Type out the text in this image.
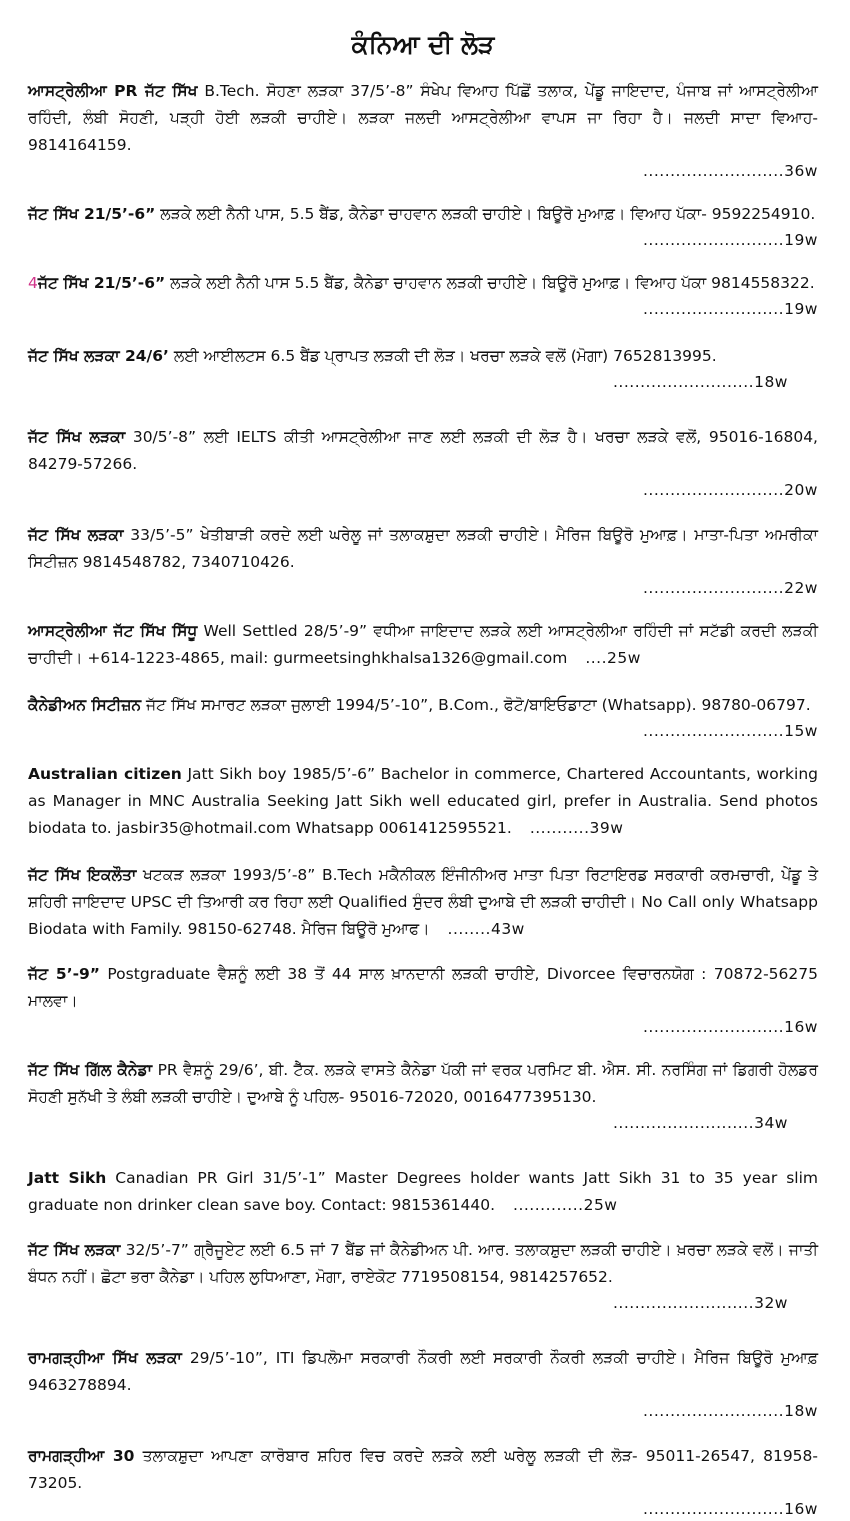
ਕੰਨਿਆ ਦੀ ਲੋੜ

ਆਸਟ੍ਰੇਲੀਆ PR ਜੱਟ ਸਿੱਖ B.Tech. ਸੋਹਣਾ ਲੜਕਾ 37/5’-8” ਸੰਖੇਪ ਵਿਆਹ ਪਿੱਛੋਂ ਤਲਾਕ, ਪੇਂਡੂ ਜਾਇਦਾਦ, ਪੰਜਾਬ ਜਾਂ ਆਸਟ੍ਰੇਲੀਆ ਰਹਿੰਦੀ, ਲੰਬੀ ਸੋਹਣੀ, ਪੜ੍ਹੀ ਹੋਈ ਲੜਕੀ ਚਾਹੀਏ। ਲੜਕਾ ਜਲਦੀ ਆਸਟ੍ਰੇਲੀਆ ਵਾਪਸ ਜਾ ਰਿਹਾ ਹੈ। ਜਲਦੀ ਸਾਦਾ ਵਿਆਹ- 9814164159.
..........................36w

ਜੱਟ ਸਿੱਖ 21/5’-6” ਲੜਕੇ ਲਈ ਨੈਨੀ ਪਾਸ, 5.5 ਬੈਂਡ, ਕੈਨੇਡਾ ਚਾਹਵਾਨ ਲੜਕੀ ਚਾਹੀਏ। ਬਿਊਰੋ ਮੁਆਫ਼। ਵਿਆਹ ਪੱਕਾ- 9592254910.
..........................19w

4ਜੱਟ ਸਿੱਖ 21/5’-6” ਲੜਕੇ ਲਈ ਨੈਨੀ ਪਾਸ 5.5 ਬੈਂਡ, ਕੈਨੇਡਾ ਚਾਹਵਾਨ ਲੜਕੀ ਚਾਹੀਏ। ਬਿਊਰੋ ਮੁਆਫ਼। ਵਿਆਹ ਪੱਕਾ 9814558322.
..........................19w

ਜੱਟ ਸਿੱਖ ਲੜਕਾ 24/6’ ਲਈ ਆਈਲਟਸ 6.5 ਬੈਂਡ ਪ੍ਰਾਪਤ ਲੜਕੀ ਦੀ ਲੋੜ। ਖਰਚਾ ਲੜਕੇ ਵਲੋਂ (ਮੋਗਾ) 7652813995.
..........................18w

ਜੱਟ ਸਿੱਖ ਲੜਕਾ 30/5’-8” ਲਈ IELTS ਕੀਤੀ ਆਸਟ੍ਰੇਲੀਆ ਜਾਣ ਲਈ ਲੜਕੀ ਦੀ ਲੋੜ ਹੈ। ਖਰਚਾ ਲੜਕੇ ਵਲੋਂ, 95016-16804, 84279-57266.
..........................20w

ਜੱਟ ਸਿੱਖ ਲੜਕਾ 33/5’-5” ਖੇਤੀਬਾੜੀ ਕਰਦੇ ਲਈ ਘਰੇਲੂ ਜਾਂ ਤਲਾਕਸ਼ੁਦਾ ਲੜਕੀ ਚਾਹੀਏ। ਮੈਰਿਜ ਬਿਊਰੋ ਮੁਆਫ਼। ਮਾਤਾ-ਪਿਤਾ ਅਮਰੀਕਾ ਸਿਟੀਜ਼ਨ 9814548782, 7340710426.
..........................22w

ਆਸਟ੍ਰੇਲੀਆ ਜੱਟ ਸਿੱਖ ਸਿੱਧੂ Well Settled 28/5’-9” ਵਧੀਆ ਜਾਇਦਾਦ ਲੜਕੇ ਲਈ ਆਸਟ੍ਰੇਲੀਆ ਰਹਿੰਦੀ ਜਾਂ ਸਟੱਡੀ ਕਰਦੀ ਲੜਕੀ ਚਾਹੀਦੀ। +614-1223-4865, mail: gurmeetsinghkhalsa1326@gmail.com ....25w

ਕੈਨੇਡੀਅਨ ਸਿਟੀਜ਼ਨ ਜੱਟ ਸਿੱਖ ਸਮਾਰਟ ਲੜਕਾ ਜੁਲਾਈ 1994/5’-10”, B.Com., ਫੋਟੋ/ਬਾਇਓਡਾਟਾ (Whatsapp). 98780-06797.
..........................15w

Australian citizen Jatt Sikh boy 1985/5’-6” Bachelor in commerce, Chartered Accountants, working as Manager in MNC Australia Seeking Jatt Sikh well educated girl, prefer in Australia. Send photos biodata to. jasbir35@hotmail.com Whatsapp 0061412595521. ...........39w

ਜੱਟ ਸਿੱਖ ਇਕਲੌਤਾ ਖਟਕੜ ਲੜਕਾ 1993/5’-8” B.Tech ਮਕੈਨੀਕਲ ਇੰਜੀਨੀਅਰ ਮਾਤਾ ਪਿਤਾ ਰਿਟਾਇਰਡ ਸਰਕਾਰੀ ਕਰਮਚਾਰੀ, ਪੇਂਡੂ ਤੇ ਸ਼ਹਿਰੀ ਜਾਇਦਾਦ UPSC ਦੀ ਤਿਆਰੀ ਕਰ ਰਿਹਾ ਲਈ Qualified ਸੁੰਦਰ ਲੰਬੀ ਦੁਆਬੇ ਦੀ ਲੜਕੀ ਚਾਹੀਦੀ। No Call only Whatsapp Biodata with Family. 98150-62748. ਮੈਰਿਜ ਬਿਊਰੋ ਮੁਆਫ। ........43w

ਜੱਟ 5’-9” Postgraduate ਵੈਸ਼ਨੂੰ ਲਈ 38 ਤੋਂ 44 ਸਾਲ ਖ਼ਾਨਦਾਨੀ ਲੜਕੀ ਚਾਹੀਏ, Divorcee ਵਿਚਾਰਨਯੋਗ : 70872-56275 ਮਾਲਵਾ।
..........................16w

ਜੱਟ ਸਿੱਖ ਗਿੱਲ ਕੈਨੇਡਾ PR ਵੈਸ਼ਨੂੰ 29/6’, ਬੀ. ਟੈੱਕ. ਲੜਕੇ ਵਾਸਤੇ ਕੈਨੇਡਾ ਪੱਕੀ ਜਾਂ ਵਰਕ ਪਰਮਿਟ ਬੀ. ਐਸ. ਸੀ. ਨਰਸਿੰਗ ਜਾਂ ਡਿਗਰੀ ਹੋਲਡਰ ਸੋਹਣੀ ਸੁਨੱਖੀ ਤੇ ਲੰਬੀ ਲੜਕੀ ਚਾਹੀਏ। ਦੁਆਬੇ ਨੂੰ ਪਹਿਲ- 95016-72020, 0016477395130.
..........................34w

Jatt Sikh Canadian PR Girl 31/5’-1” Master Degrees holder wants Jatt Sikh 31 to 35 year slim graduate non drinker clean save boy. Contact: 9815361440. .............25w

ਜੱਟ ਸਿੱਖ ਲੜਕਾ 32/5’-7” ਗ੍ਰੈਜੂਏਟ ਲਈ 6.5 ਜਾਂ 7 ਬੈਂਡ ਜਾਂ ਕੈਨੇਡੀਅਨ ਪੀ. ਆਰ. ਤਲਾਕਸ਼ੁਦਾ ਲੜਕੀ ਚਾਹੀਏ। ਖ਼ਰਚਾ ਲੜਕੇ ਵਲੋਂ। ਜਾਤੀ ਬੰਧਨ ਨਹੀਂ। ਛੋਟਾ ਭਰਾ ਕੈਨੇਡਾ। ਪਹਿਲ ਲੁਧਿਆਣਾ, ਮੋਗਾ, ਰਾਏਕੋਟ 7719508154, 9814257652.
..........................32w

ਰਾਮਗੜ੍ਹੀਆ ਸਿੱਖ ਲੜਕਾ 29/5’-10”, ITI ਡਿਪਲੋਮਾ ਸਰਕਾਰੀ ਨੌਕਰੀ ਲਈ ਸਰਕਾਰੀ ਨੌਕਰੀ ਲੜਕੀ ਚਾਹੀਏ। ਮੈਰਿਜ ਬਿਊਰੋ ਮੁਆਫ਼ 9463278894.
..........................18w

ਰਾਮਗੜ੍ਹੀਆ 30 ਤਲਾਕਸ਼ੁਦਾ ਆਪਣਾ ਕਾਰੋਬਾਰ ਸ਼ਹਿਰ ਵਿਚ ਕਰਦੇ ਲੜਕੇ ਲਈ ਘਰੇਲੂ ਲੜਕੀ ਦੀ ਲੋੜ- 95011-26547, 81958-73205.
..........................16w
